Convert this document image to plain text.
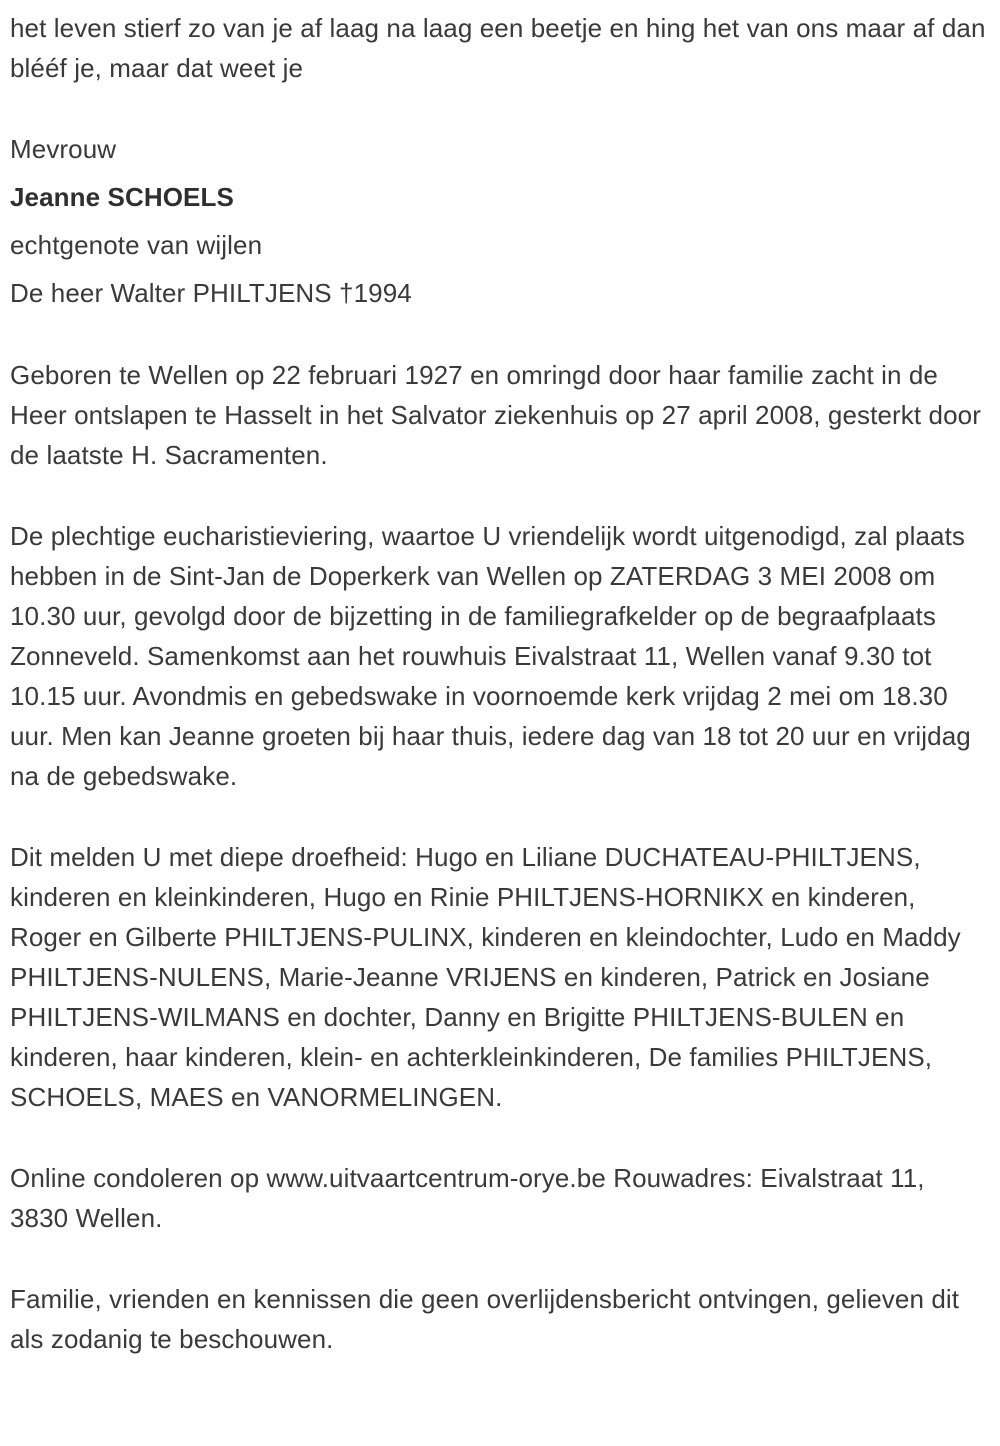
het leven stierf zo van je af laag na laag een beetje en hing het van ons maar af dan blééf je, maar dat weet je

Mevrouw

Jeanne SCHOELS

echtgenote van wijlen

De heer Walter PHILTJENS †1994

Geboren te Wellen op 22 februari 1927 en omringd door haar familie zacht in de Heer ontslapen te Hasselt in het Salvator ziekenhuis op 27 april 2008, gesterkt door de laatste H. Sacramenten.

De plechtige eucharistieviering, waartoe U vriendelijk wordt uitgenodigd, zal plaats hebben in de Sint-Jan de Doperkerk van Wellen op ZATERDAG 3 MEI 2008 om 10.30 uur, gevolgd door de bijzetting in de familiegrafkelder op de begraafplaats Zonneveld. Samenkomst aan het rouwhuis Eivalstraat 11, Wellen vanaf 9.30 tot 10.15 uur. Avondmis en gebedswake in voornoemde kerk vrijdag 2 mei om 18.30 uur. Men kan Jeanne groeten bij haar thuis, iedere dag van 18 tot 20 uur en vrijdag na de gebedswake.

Dit melden U met diepe droefheid: Hugo en Liliane DUCHATEAU-PHILTJENS, kinderen en kleinkinderen, Hugo en Rinie PHILTJENS-HORNIKX en kinderen, Roger en Gilberte PHILTJENS-PULINX, kinderen en kleindochter, Ludo en Maddy PHILTJENS-NULENS, Marie-Jeanne VRIJENS en kinderen, Patrick en Josiane PHILTJENS-WILMANS en dochter, Danny en Brigitte PHILTJENS-BULEN en kinderen, haar kinderen, klein- en achterkleinkinderen, De families PHILTJENS, SCHOELS, MAES en VANORMELINGEN.

Online condoleren op www.uitvaartcentrum-orye.be Rouwadres: Eivalstraat 11, 3830 Wellen.

Familie, vrienden en kennissen die geen overlijdensbericht ontvingen, gelieven dit als zodanig te beschouwen.
